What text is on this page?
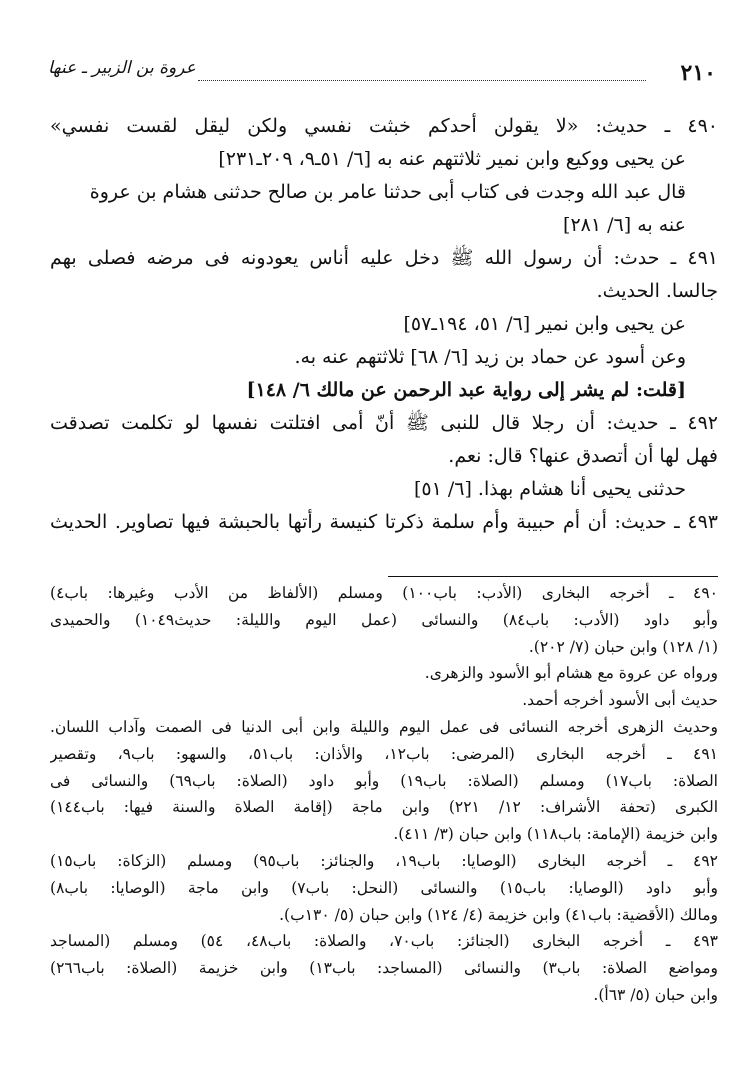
٢١٠
عروة بن الزبير ـ عنها
٤٩٠ ـ حديث: «لا يقولن أحدكم خبثت نفسي ولكن ليقل لقست نفسي»
عن يحيى ووكيع وابن نمير ثلاثتهم عنه به [٦/ ٥١ـ٩، ٢٠٩ـ٢٣١]
قال عبد الله وجدت فى كتاب أبى حدثنا عامر بن صالح حدثنى هشام بن عروة
عنه به [٦/ ٢٨١]
٤٩١ ـ حدث: أن رسول الله ﷺ دخل عليه أناس يعودونه فى مرضه فصلى بهم
جالسا. الحديث.
عن يحيى وابن نمير [٦/ ٥١، ١٩٤ـ٥٧]
وعن أسود عن حماد بن زيد [٦/ ٦٨] ثلاثتهم عنه به.
[قلت: لم يشر إلى رواية عبد الرحمن عن مالك ٦/ ١٤٨]
٤٩٢ ـ حديث: أن رجلا قال للنبى ﷺ أنّ أمى افتلتت نفسها لو تكلمت تصدقت
فهل لها أن أتصدق عنها؟ قال: نعم.
حدثنى يحيى أنا هشام بهذا. [٦/ ٥١]
٤٩٣ ـ حديث: أن أم حبيبة وأم سلمة ذكرتا كنيسة رأتها بالحبشة فيها تصاوير. الحديث
٤٩٠ ـ أخرجه البخارى (الأدب: باب١٠٠) ومسلم (الألفاظ من الأدب وغيرها: باب٤)
وأبو داود (الأدب: باب٨٤) والنسائى (عمل اليوم والليلة: حديث١٠٤٩) والحميدى
(١/ ١٢٨) وابن حبان (٧/ ٢٠٢).
ورواه عن عروة مع هشام أبو الأسود والزهرى.
حديث أبى الأسود أخرجه أحمد.
وحديث الزهرى أخرجه النسائى فى عمل اليوم والليلة وابن أبى الدنيا فى الصمت وآداب اللسان.
٤٩١ ـ أخرجه البخارى (المرضى: باب١٢، والأذان: باب٥١، والسهو: باب٩، وتقصير
الصلاة: باب١٧) ومسلم (الصلاة: باب١٩) وأبو داود (الصلاة: باب٦٩) والنسائى فى
الكبرى (تحفة الأشراف: ١٢/ ٢٢١) وابن ماجة (إقامة الصلاة والسنة فيها: باب١٤٤)
وابن خزيمة (الإمامة: باب١١٨) وابن حبان (٣/ ٤١١).
٤٩٢ ـ أخرجه البخارى (الوصايا: باب١٩، والجنائز: باب٩٥) ومسلم (الزكاة: باب١٥)
وأبو داود (الوصايا: باب١٥) والنسائى (النحل: باب٧) وابن ماجة (الوصايا: باب٨)
ومالك (الأقضية: باب٤١) وابن خزيمة (٤/ ١٢٤) وابن حبان (٥/ ١٣٠ب).
٤٩٣ ـ أخرجه البخارى (الجنائز: باب٧٠، والصلاة: باب٤٨، ٥٤) ومسلم (المساجد
ومواضع الصلاة: باب٣) والنسائى (المساجد: باب١٣) وابن خزيمة (الصلاة: باب٢٦٦)
وابن حبان (٥/ ٦٣أ).
